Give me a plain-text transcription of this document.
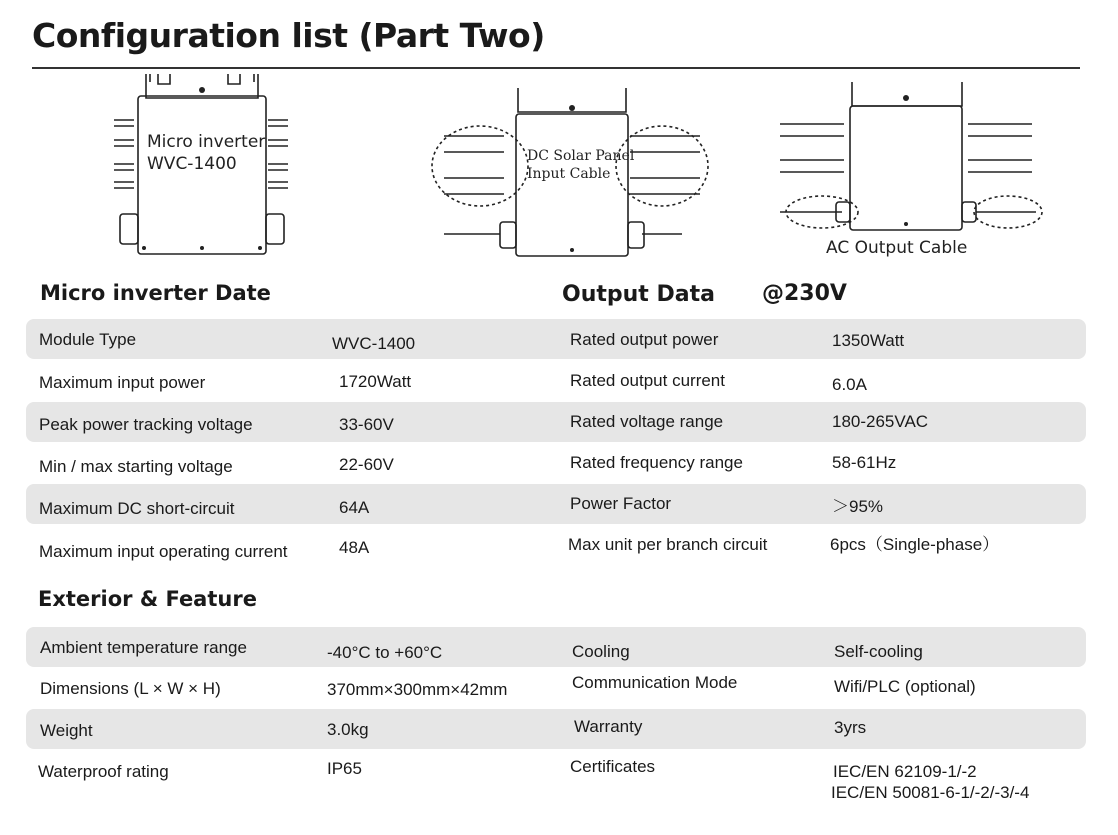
Configuration list (Part Two)
Micro inverter
WVC-1400	DC Solar Panel
Input Cable
AC Output Cable
Micro inverter Date	Output Data @230V
Module Type	WVC-1400	Rated output power	1350Watt
Maximum input power	1720Watt	Rated output current	6.0A
Peak power tracking voltage	33-60V	Rated voltage range	180-265VAC
Min / max starting voltage	22-60V	Rated frequency range	58-61Hz
Maximum DC short-circuit	64A	Power Factor	＞95%
Maximum input operating current	48A	Max unit per branch circuit	6pcs（Single-phase）
Exterior & Feature
Ambient temperature range	-40°C to +60°C	Cooling	Self-cooling
Dimensions (L × W × H)	370mm×300mm×42mm	Communication Mode	Wifi/PLC (optional)
Weight	3.0kg	Warranty	3yrs
Waterproof rating	IP65	Certificates	IEC/EN 62109-1/-2
IEC/EN 50081-6-1/-2/-3/-4
